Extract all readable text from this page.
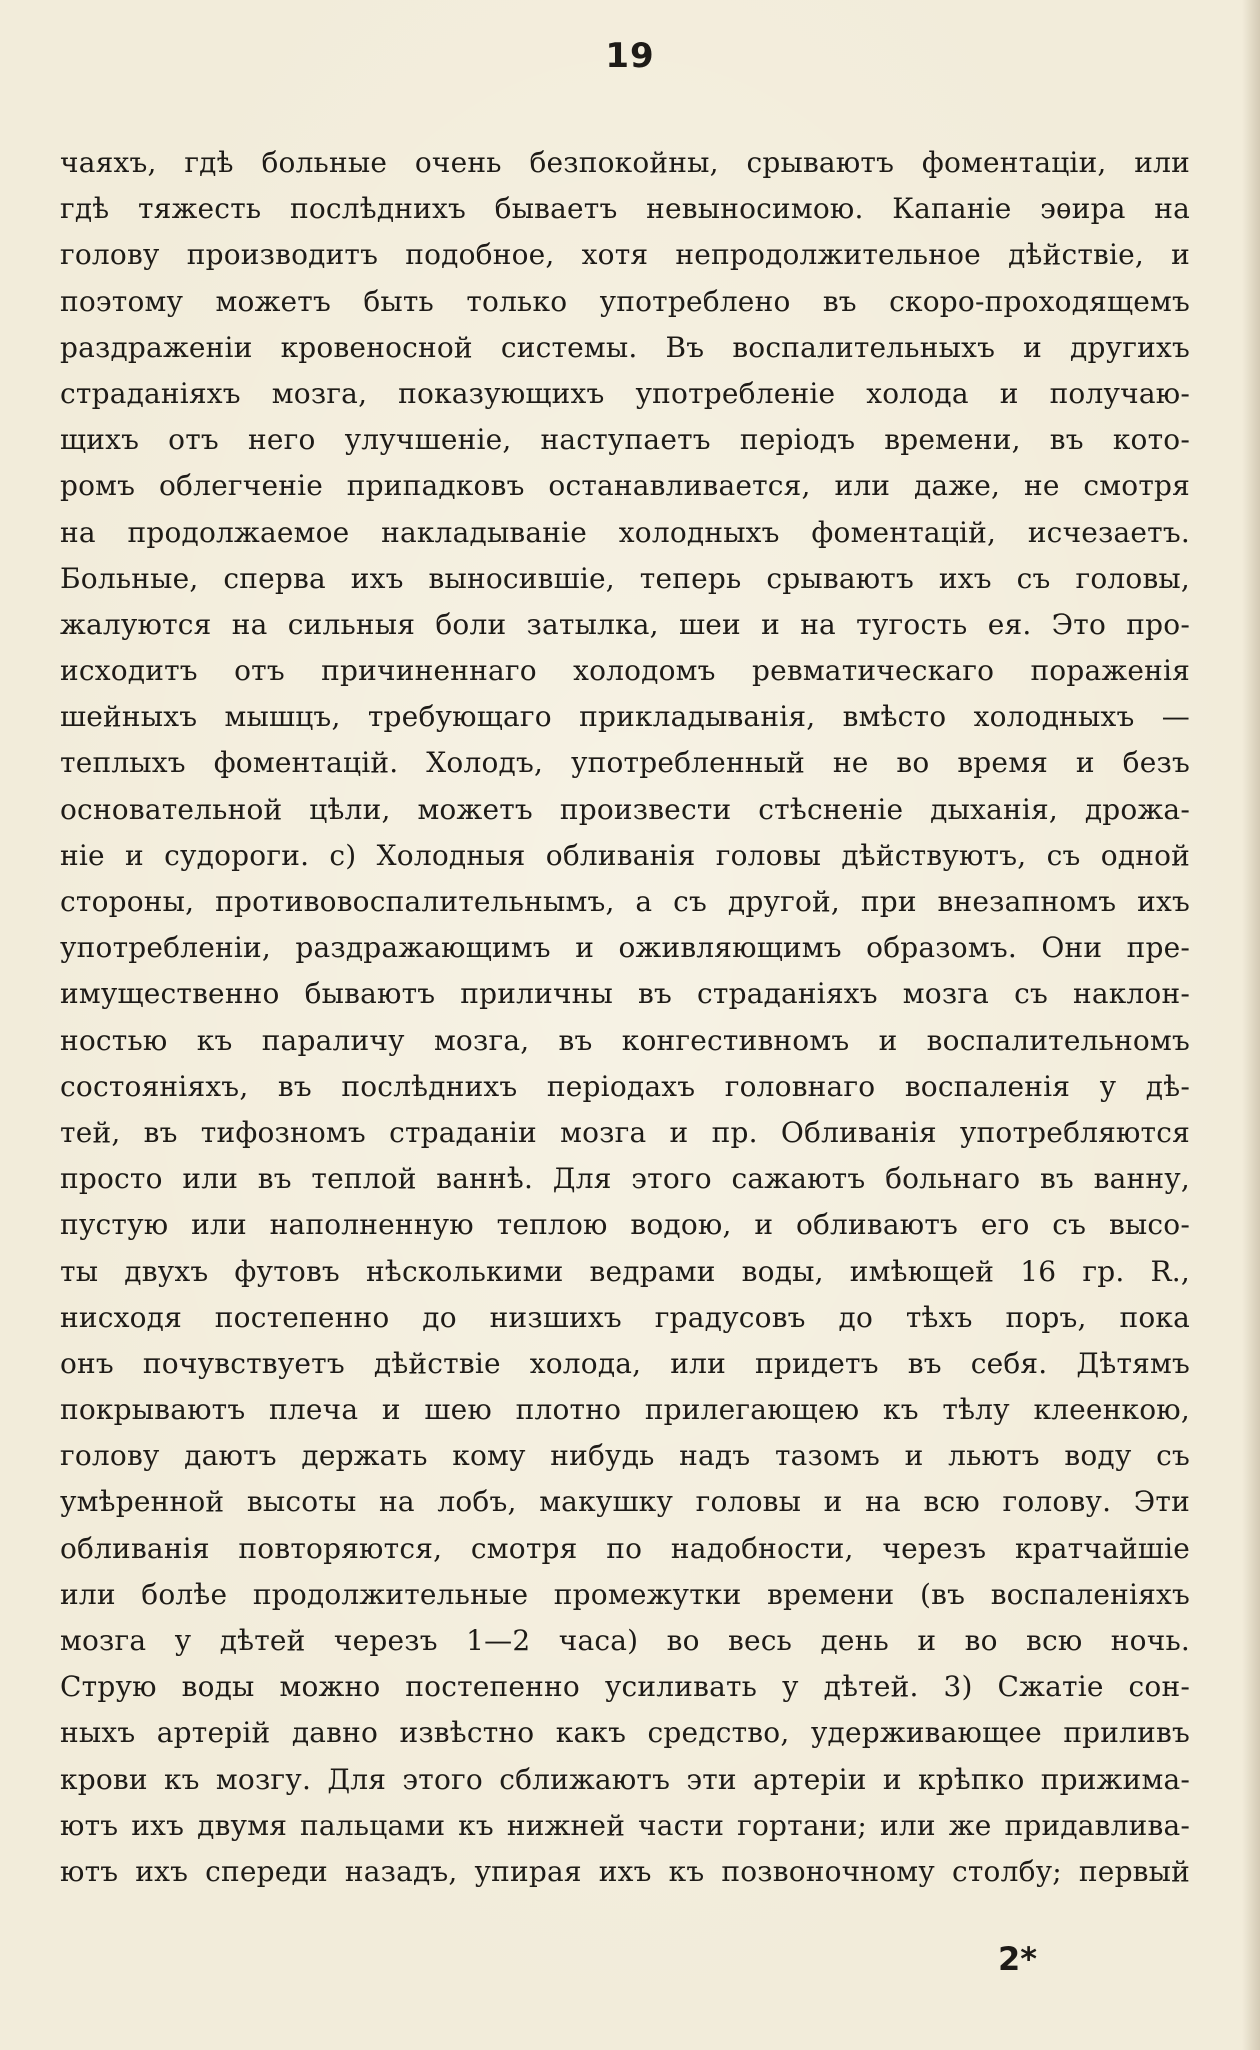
19
чаяхъ, гдѣ больные очень безпокойны, срываютъ фоментаціи, или
гдѣ тяжесть послѣднихъ бываетъ невыносимою. Капаніе эѳира на
голову производитъ подобное, хотя непродолжительное дѣйствіе, и
поэтому можетъ быть только употреблено въ скоро-проходящемъ
раздраженіи кровеносной системы. Въ воспалительныхъ и другихъ
страданіяхъ мозга, показующихъ употребленіе холода и получаю-
щихъ отъ него улучшеніе, наступаетъ періодъ времени, въ кото-
ромъ облегченіе припадковъ останавливается, или даже, не смотря
на продолжаемое накладываніе холодныхъ фоментацій, исчезаетъ.
Больные, сперва ихъ выносившіе, теперь срываютъ ихъ съ головы,
жалуются на сильныя боли затылка, шеи и на тугость ея. Это про-
исходитъ отъ причиненнаго холодомъ ревматическаго пораженія
шейныхъ мышцъ, требующаго прикладыванія, вмѣсто холодныхъ —
теплыхъ фоментацій. Холодъ, употребленный не во время и безъ
основательной цѣли, можетъ произвести стѣсненіе дыханія, дрожа-
ніе и судороги. с) Холодныя обливанія головы дѣйствуютъ, съ одной
стороны, противовоспалительнымъ, а съ другой, при внезапномъ ихъ
употребленіи, раздражающимъ и оживляющимъ образомъ. Они пре-
имущественно бываютъ приличны въ страданіяхъ мозга съ наклон-
ностью къ параличу мозга, въ конгестивномъ и воспалительномъ
состояніяхъ, въ послѣднихъ періодахъ головнаго воспаленія у дѣ-
тей, въ тифозномъ страданіи мозга и пр. Обливанія употребляются
просто или въ теплой ваннѣ. Для этого сажаютъ больнаго въ ванну,
пустую или наполненную теплою водою, и обливаютъ его съ высо-
ты двухъ футовъ нѣсколькими ведрами воды, имѣющей 16 гр. R.,
нисходя постепенно до низшихъ градусовъ до тѣхъ поръ, пока
онъ почувствуетъ дѣйствіе холода, или придетъ въ себя. Дѣтямъ
покрываютъ плеча и шею плотно прилегающею къ тѣлу клеенкою,
голову даютъ держать кому нибудь надъ тазомъ и льютъ воду съ
умѣренной высоты на лобъ, макушку головы и на всю голову. Эти
обливанія повторяются, смотря по надобности, черезъ кратчайшіе
или болѣе продолжительные промежутки времени (въ воспаленіяхъ
мозга у дѣтей черезъ 1—2 часа) во весь день и во всю ночь.
Струю воды можно постепенно усиливать у дѣтей. 3) Сжатіе сон-
ныхъ артерій давно извѣстно какъ средство, удерживающее приливъ
крови къ мозгу. Для этого сближаютъ эти артеріи и крѣпко прижима-
ютъ ихъ двумя пальцами къ нижней части гортани; или же придавлива-
ютъ ихъ спереди назадъ, упирая ихъ къ позвоночному столбу; первый
2*
